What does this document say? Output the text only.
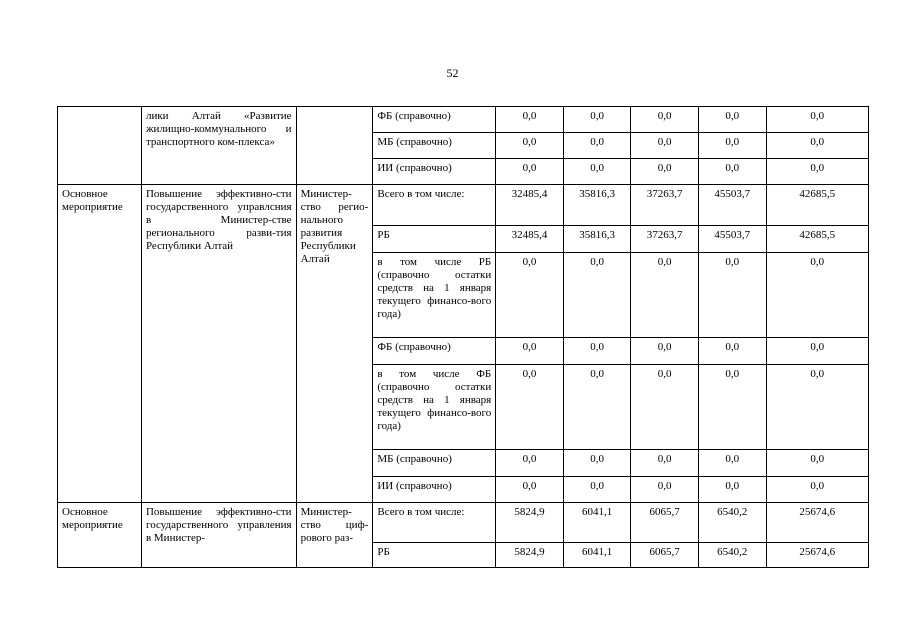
52
	лики Алтай «Развитие жилищно-коммунального и транспортного ком-плекса»		ФБ (справочно)	0,0	0,0	0,0	0,0	0,0
			МБ (справочно)	0,0	0,0	0,0	0,0	0,0
			ИИ (справочно)	0,0	0,0	0,0	0,0	0,0
Основное мероприятие	Повышение эффективно-сти государственного управлсния в Министер-стве регионального разви-тия Республики Алтай	Министер-ство регио-нального развития Республики Алтай	Всего в том числе:	32485,4	35816,3	37263,7	45503,7	42685,5
			РБ	32485,4	35816,3	37263,7	45503,7	42685,5
			в том числе РБ (справочно остатки средств на 1 января текущего финансо-вого года)	0,0	0,0	0,0	0,0	0,0
			ФБ (справочно)	0,0	0,0	0,0	0,0	0,0
			в том числе ФБ (справочно остатки средств на 1 января текущего финансо-вого года)	0,0	0,0	0,0	0,0	0,0
			МБ (справочно)	0,0	0,0	0,0	0,0	0,0
			ИИ (справочно)	0,0	0,0	0,0	0,0	0,0
Основное мероприятие	Повышение эффективно-сти государственного управления в Министер-	Министер-ство циф-рового раз-	Всего в том числе:	5824,9	6041,1	6065,7	6540,2	25674,6
			РБ	5824,9	6041,1	6065,7	6540,2	25674,6
